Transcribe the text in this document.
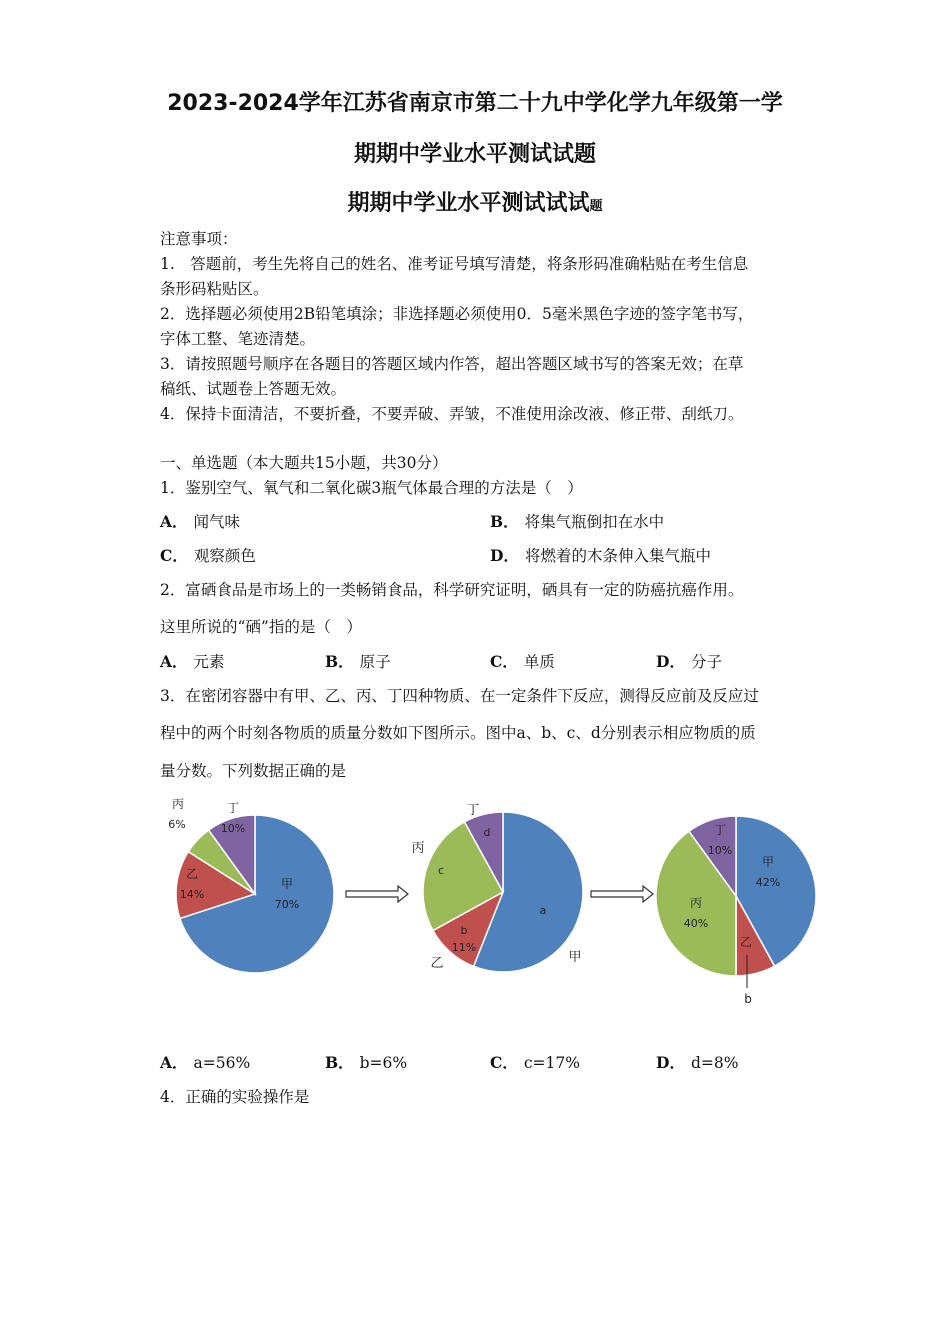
2023-2024学年江苏省南京市第二十九中学化学九年级第一学
期期中学业水平测试试题
期期中学业水平测试试试题
注意事项：
1.　答题前，考生先将自己的姓名、准考证号填写清楚，将条形码准确粘贴在考生信息
条形码粘贴区。
2．选择题必须使用2B铅笔填涂；非选择题必须使用0．5毫米黑色字迹的签字笔书写，
字体工整、笔迹清楚。
3．请按照题号顺序在各题目的答题区域内作答，超出答题区域书写的答案无效；在草
稿纸、试题卷上答题无效。
4．保持卡面清洁，不要折叠，不要弄破、弄皱，不准使用涂改液、修正带、刮纸刀。
一、单选题（本大题共15小题，共30分）
1．鉴别空气、氧气和二氧化碳3瓶气体最合理的方法是（　）
A． 闻气味	B． 将集气瓶倒扣在水中
C． 观察颜色	D． 将燃着的木条伸入集气瓶中
2．富硒食品是市场上的一类畅销食品，科学研究证明，硒具有一定的防癌抗癌作用。
这里所说的“硒”指的是（　）
A． 元素	B． 原子	C． 单质	D． 分子
3．在密闭容器中有甲、乙、丙、丁四种物质、在一定条件下反应，测得反应前及反应过
程中的两个时刻各物质的质量分数如下图所示。图中a、b、c、d分别表示相应物质的质
量分数。下列数据正确的是
丙
6%
丁
10%
乙
14%
甲
70%
丁
d
丙
c
a
b
11%
乙	甲
丁
10%
甲
42%
丙
40%
乙
b
A． a=56%	B． b=6%	C． c=17%	D． d=8%
4．正确的实验操作是
